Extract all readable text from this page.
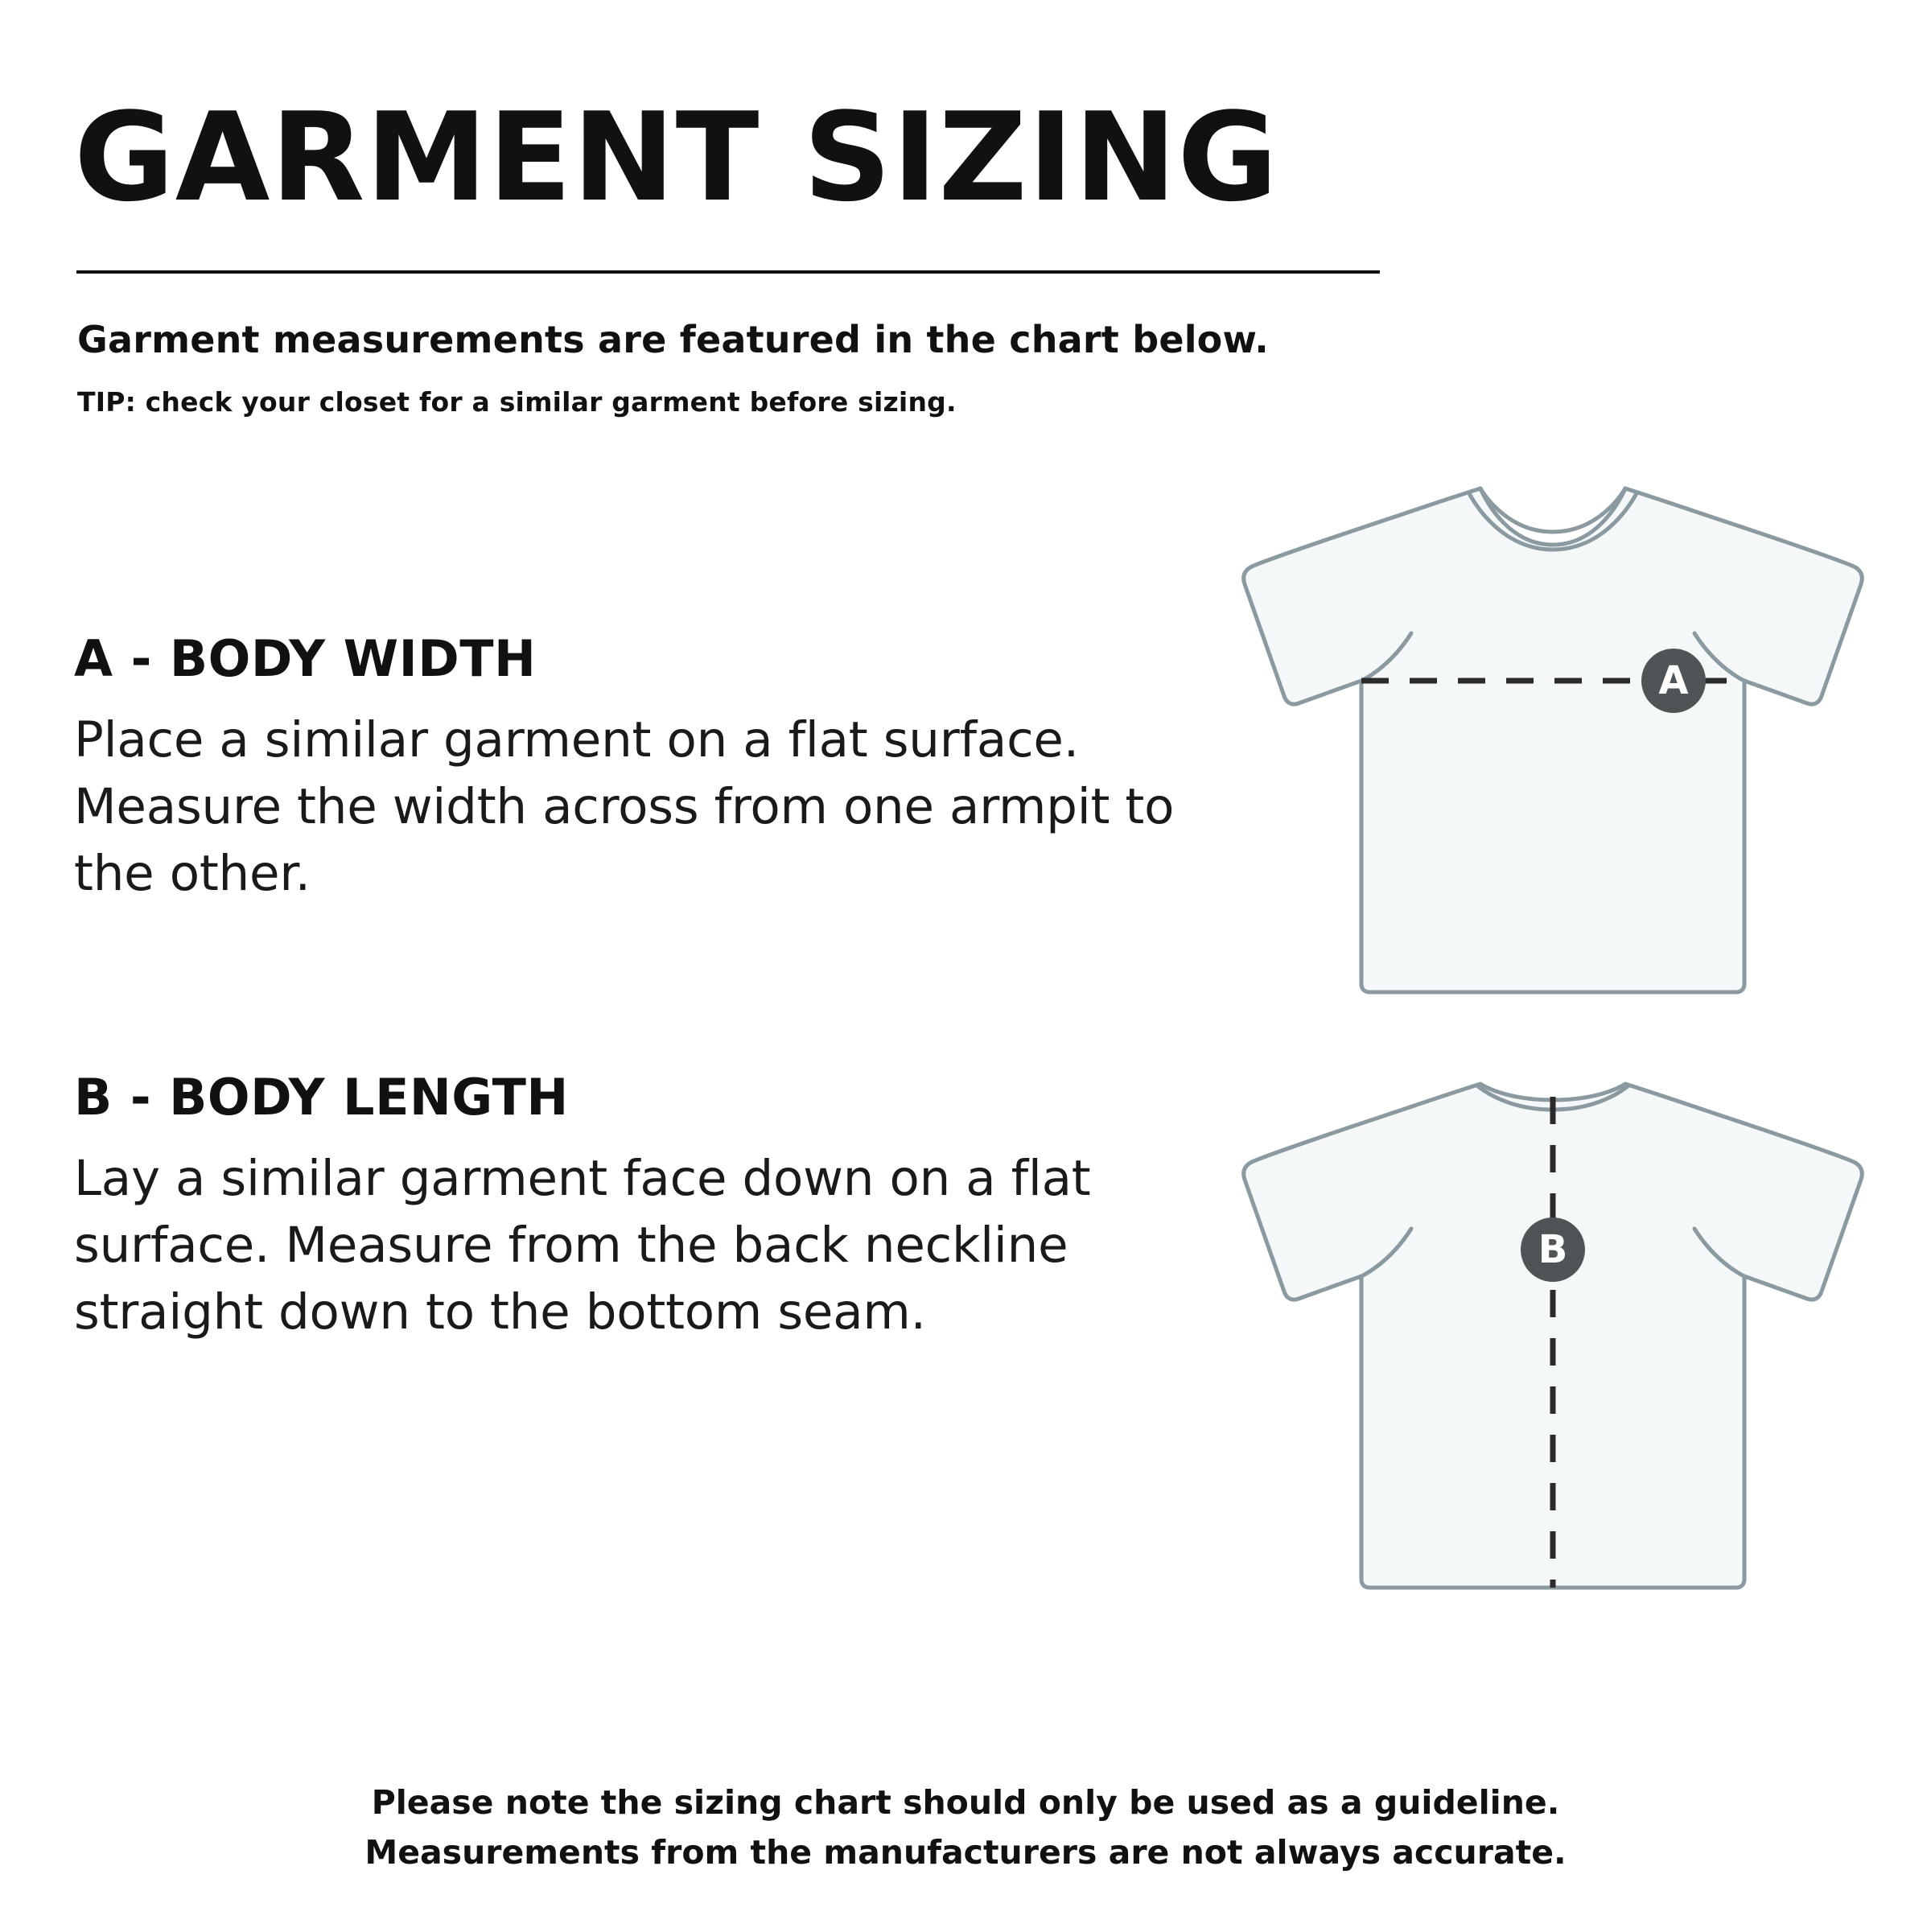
GARMENT SIZING
Garment measurements are featured in the chart below.
TIP: check your closet for a similar garment before sizing.
A - BODY WIDTH
Place a similar garment on a flat surface. Measure the width across from one armpit to the other.
B - BODY LENGTH
Lay a similar garment face down on a flat surface. Measure from the back neckline straight down to the bottom seam.
A
B
Please note the sizing chart should only be used as a guideline.
Measurements from the manufacturers are not always accurate.
